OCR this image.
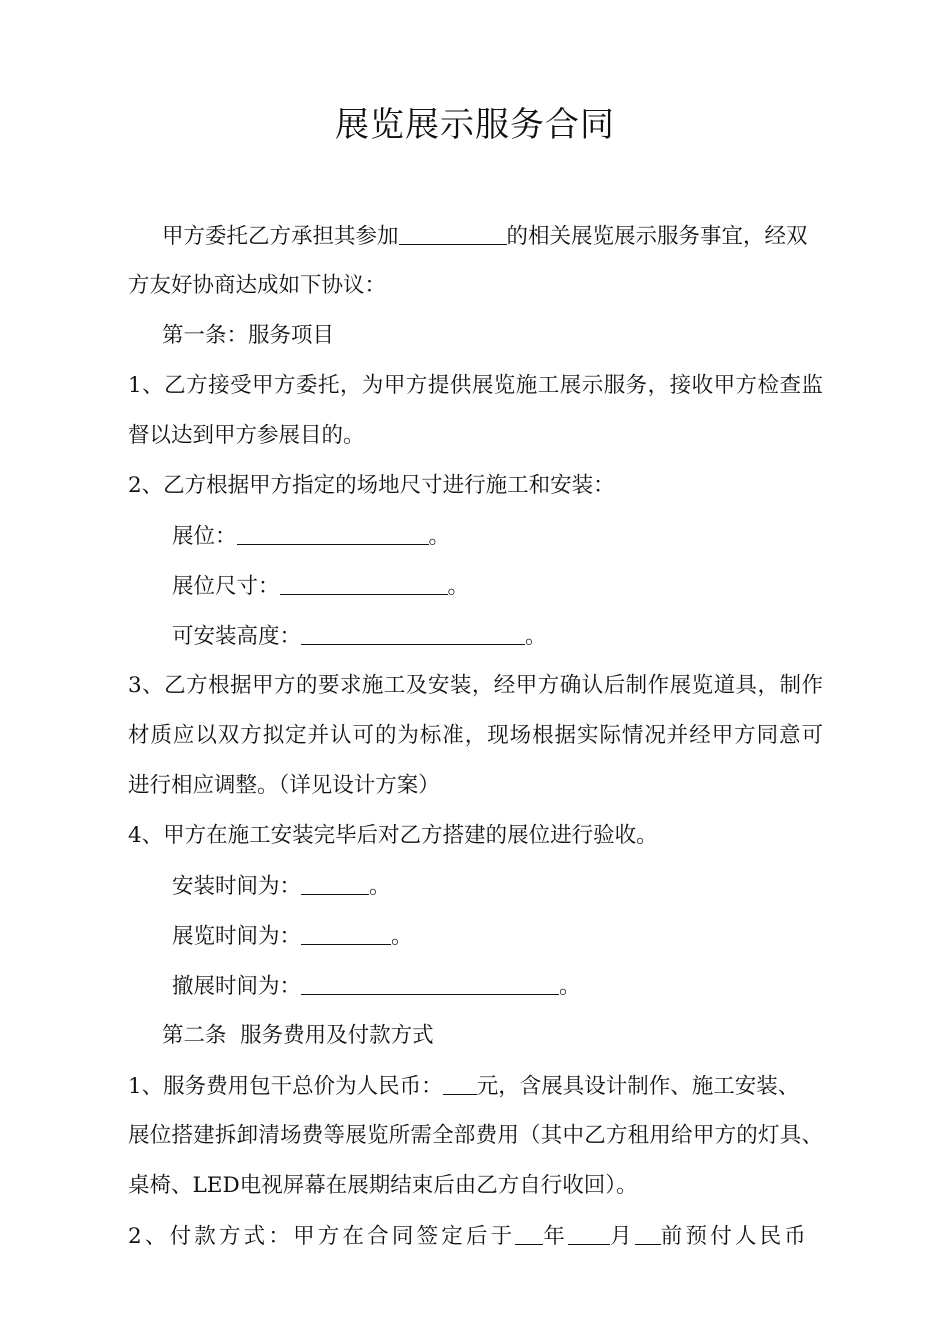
展览展示服务合同
甲方委托乙方承担其参加	的相关展览展示服务事宜，经双
方友好协商达成如下协议：
第一条：服务项目
1、乙方接受甲方委托，为甲方提供展览施工展示服务，接收甲方检查监
督以达到甲方参展目的。
2、乙方根据甲方指定的场地尺寸进行施工和安装：
展位：	。
展位尺寸：	。
可安装高度：	。
3、乙方根据甲方的要求施工及安装，经甲方确认后制作展览道具，制作
材质应以双方拟定并认可的为标准，现场根据实际情况并经甲方同意可
进行相应调整。（详见设计方案）
4、甲方在施工安装完毕后对乙方搭建的展位进行验收。
安装时间为：	。
展览时间为：	。
撤展时间为：	。
第二条  服务费用及付款方式
1、服务费用包干总价为人民币： 元，含展具设计制作、施工安装、
展位搭建拆卸清场费等展览所需全部费用（其中乙方租用给甲方的灯具、
桌椅、LED电视屏幕在展期结束后由乙方自行收回）。
2、付款方式：甲方在合同签定后于 年 月 前预付人民币
